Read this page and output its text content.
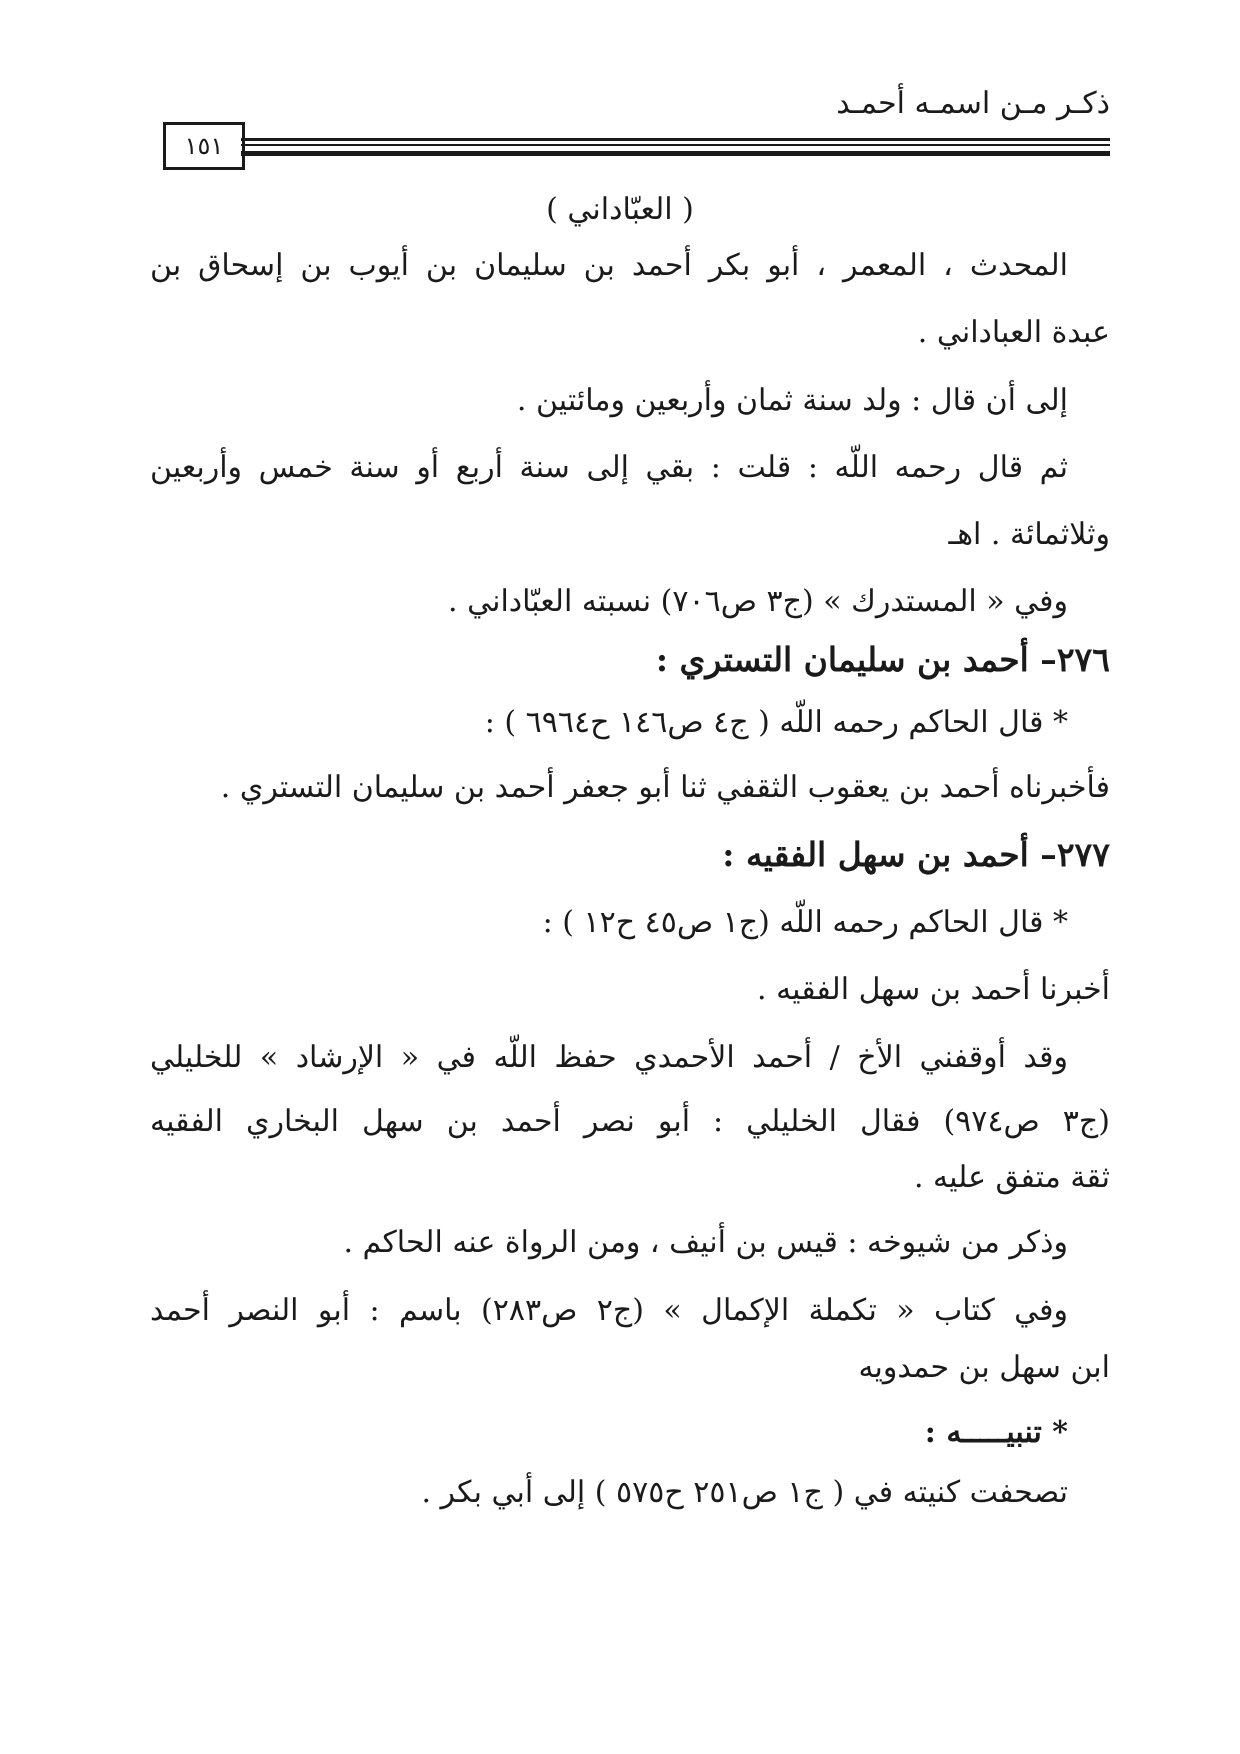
ذكـر مـن اسمـه أحمـد
١٥١
( العبّاداني )
المحدث ، المعمر ، أبو بكر أحمد بن سليمان بن أيوب بن إسحاق بن
عبدة العباداني .
إلى أن قال : ولد سنة ثمان وأربعين ومائتين .
ثم قال رحمه اللّه : قلت : بقي إلى سنة أربع أو سنة خمس وأربعين
وثلاثمائة . اهـ
وفي « المستدرك » (ج٣ ص٧٠٦) نسبته العبّاداني .
٢٧٦– أحمد بن سليمان التستري :
* قال الحاكم رحمه اللّه ( ج٤ ص١٤٦ ح٦٩٦٤ ) :
فأخبرناه أحمد بن يعقوب الثقفي ثنا أبو جعفر أحمد بن سليمان التستري .
٢٧٧– أحمد بن سهل الفقيه :
* قال الحاكم رحمه اللّه (ج١ ص٤٥ ح١٢ ) :
أخبرنا أحمد بن سهل الفقيه .
وقد أوقفني الأخ / أحمد الأحمدي حفظ اللّه في « الإرشاد » للخليلي
(ج٣ ص٩٧٤) فقال الخليلي : أبو نصر أحمد بن سهل البخاري الفقيه
ثقة متفق عليه .
وذكر من شيوخه : قيس بن أنيف ، ومن الرواة عنه الحاكم .
وفي كتاب « تكملة الإكمال » (ج٢ ص٢٨٣) باسم : أبو النصر أحمد
ابن سهل بن حمدويه
* تنبيـــــه :
تصحفت كنيته في ( ج١ ص٢٥١ ح٥٧٥ ) إلى أبي بكر .
